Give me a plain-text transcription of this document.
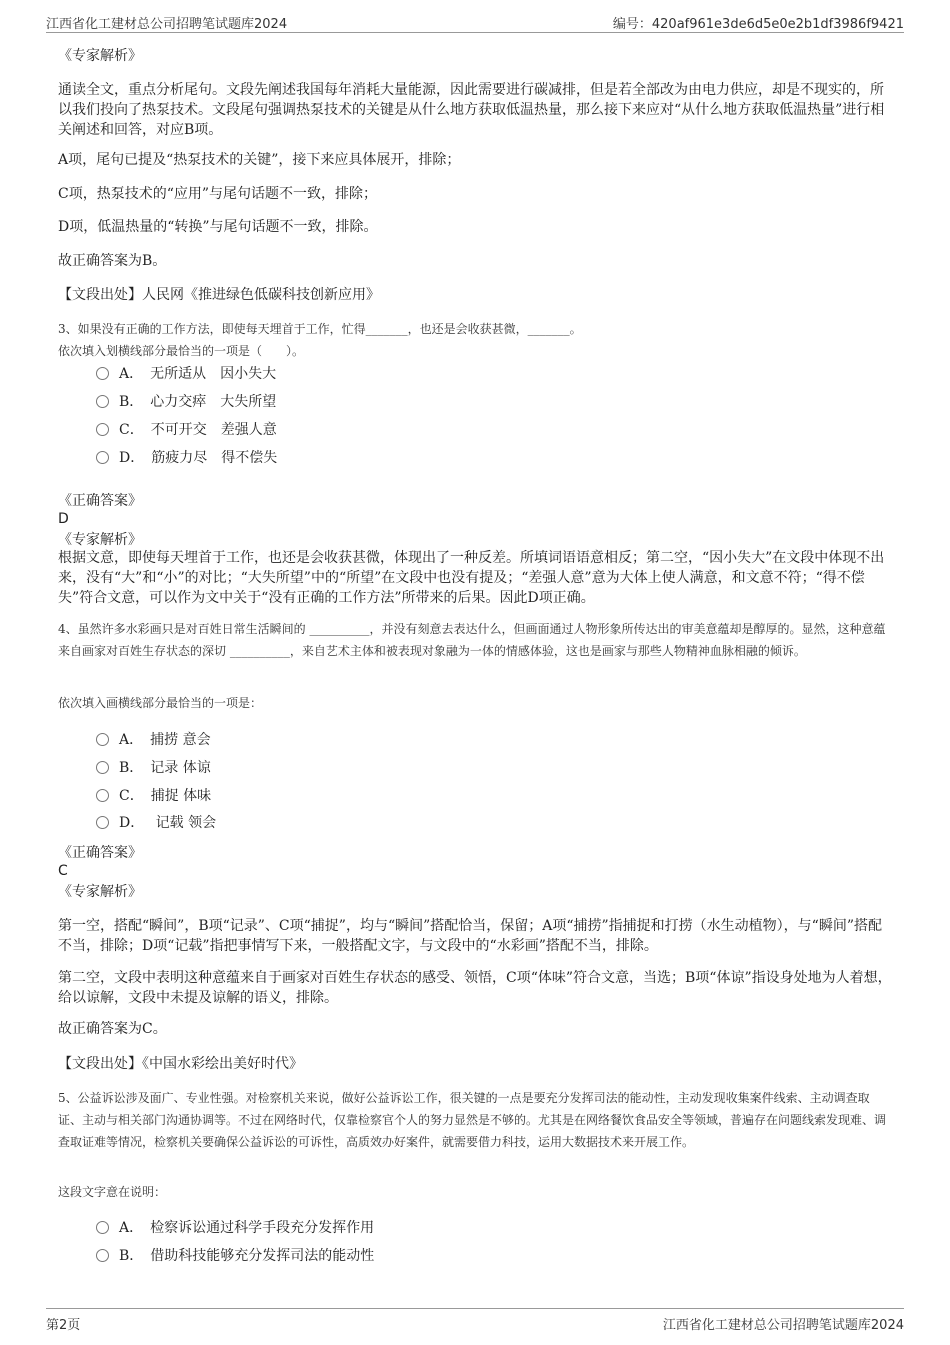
江西省化工建材总公司招聘笔试题库2024	编号：420af961e3de6d5e0e2b1df3986f9421

《专家解析》

通读全文，重点分析尾句。文段先阐述我国每年消耗大量能源，因此需要进行碳减排，但是若全部改为由电力供应，却是不现实的，所以我们投向了热泵技术。文段尾句强调热泵技术的关键是从什么地方获取低温热量，那么接下来应对“从什么地方获取低温热量”进行相关阐述和回答，对应B项。

A项，尾句已提及“热泵技术的关键”，接下来应具体展开，排除；

C项，热泵技术的“应用”与尾句话题不一致，排除；

D项，低温热量的“转换”与尾句话题不一致，排除。

故正确答案为B。

【文段出处】人民网《推进绿色低碳科技创新应用》

3、如果没有正确的工作方法，即使每天埋首于工作，忙得_______，也还是会收获甚微，_______。

依次填入划横线部分最恰当的一项是（　　）。

A．　 无所适从　因小失大
B．　 心力交瘁　大失所望
C．　 不可开交　差强人意
D．　 筋疲力尽　得不偿失

《正确答案》

D

《专家解析》

根据文意，即使每天埋首于工作，也还是会收获甚微，体现出了一种反差。所填词语语意相反；第二空，“因小失大”在文段中体现不出来，没有“大”和“小”的对比；“大失所望”中的“所望”在文段中也没有提及；“差强人意”意为大体上使人满意，和文意不符；“得不偿失”符合文意，可以作为文中关于“没有正确的工作方法”所带来的后果。因此D项正确。

4、虽然许多水彩画只是对百姓日常生活瞬间的 __________，并没有刻意去表达什么，但画面通过人物形象所传达出的审美意蕴却是醇厚的。显然，这种意蕴来自画家对百姓生存状态的深切 __________，来自艺术主体和被表现对象融为一体的情感体验，这也是画家与那些人物精神血脉相融的倾诉。

依次填入画横线部分最恰当的一项是：

A．　 捕捞 意会
B．　 记录 体谅
C．　 捕捉 体味
D．　 记载 领会

《正确答案》

C

《专家解析》

第一空，搭配“瞬间”，B项“记录”、C项“捕捉”，均与“瞬间”搭配恰当，保留；A项“捕捞”指捕捉和打捞（水生动植物），与“瞬间”搭配不当，排除；D项“记载”指把事情写下来，一般搭配文字，与文段中的“水彩画”搭配不当，排除。

第二空，文段中表明这种意蕴来自于画家对百姓生存状态的感受、领悟，C项“体味”符合文意，当选；B项“体谅”指设身处地为人着想，给以谅解，文段中未提及谅解的语义，排除。

故正确答案为C。

【文段出处】《中国水彩绘出美好时代》

5、公益诉讼涉及面广、专业性强。对检察机关来说，做好公益诉讼工作，很关键的一点是要充分发挥司法的能动性，主动发现收集案件线索、主动调查取证、主动与相关部门沟通协调等。不过在网络时代，仅靠检察官个人的努力显然是不够的。尤其是在网络餐饮食品安全等领域，普遍存在问题线索发现难、调查取证难等情况，检察机关要确保公益诉讼的可诉性，高质效办好案件，就需要借力科技，运用大数据技术来开展工作。

这段文字意在说明：

A．　 检察诉讼通过科学手段充分发挥作用
B．　 借助科技能够充分发挥司法的能动性
第2页	江西省化工建材总公司招聘笔试题库2024
